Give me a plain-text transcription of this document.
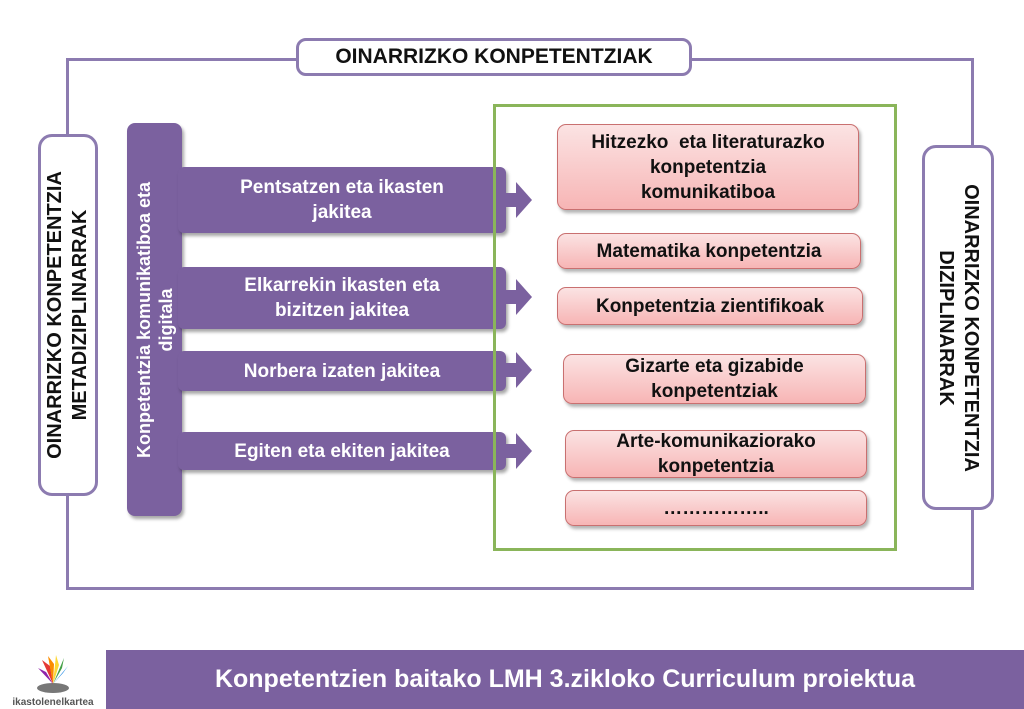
OINARRIZKO KONPETENTZIAK
OINARRIZKO KONPETENTZIA METADIZIPLINARRAK	OINARRIZKO KONPETENTZIA
DIZIPLINARRAK
Konpetentzia komunikatiboa eta digitala
Pentsatzen eta ikasten
jakitea
Elkarrekin ikasten eta
bizitzen jakitea
Norbera izaten jakitea
Egiten eta ekiten jakitea
Hitzezko  eta literaturazko
konpetentzia
komunikatiboa
Matematika konpetentzia
Konpetentzia zientifikoak
Gizarte eta gizabide
konpetentziak
Arte-komunikaziorako
konpetentzia
……………..
ikastolenelkartea
Konpetentzien baitako LMH 3.zikloko Curriculum proiektua
